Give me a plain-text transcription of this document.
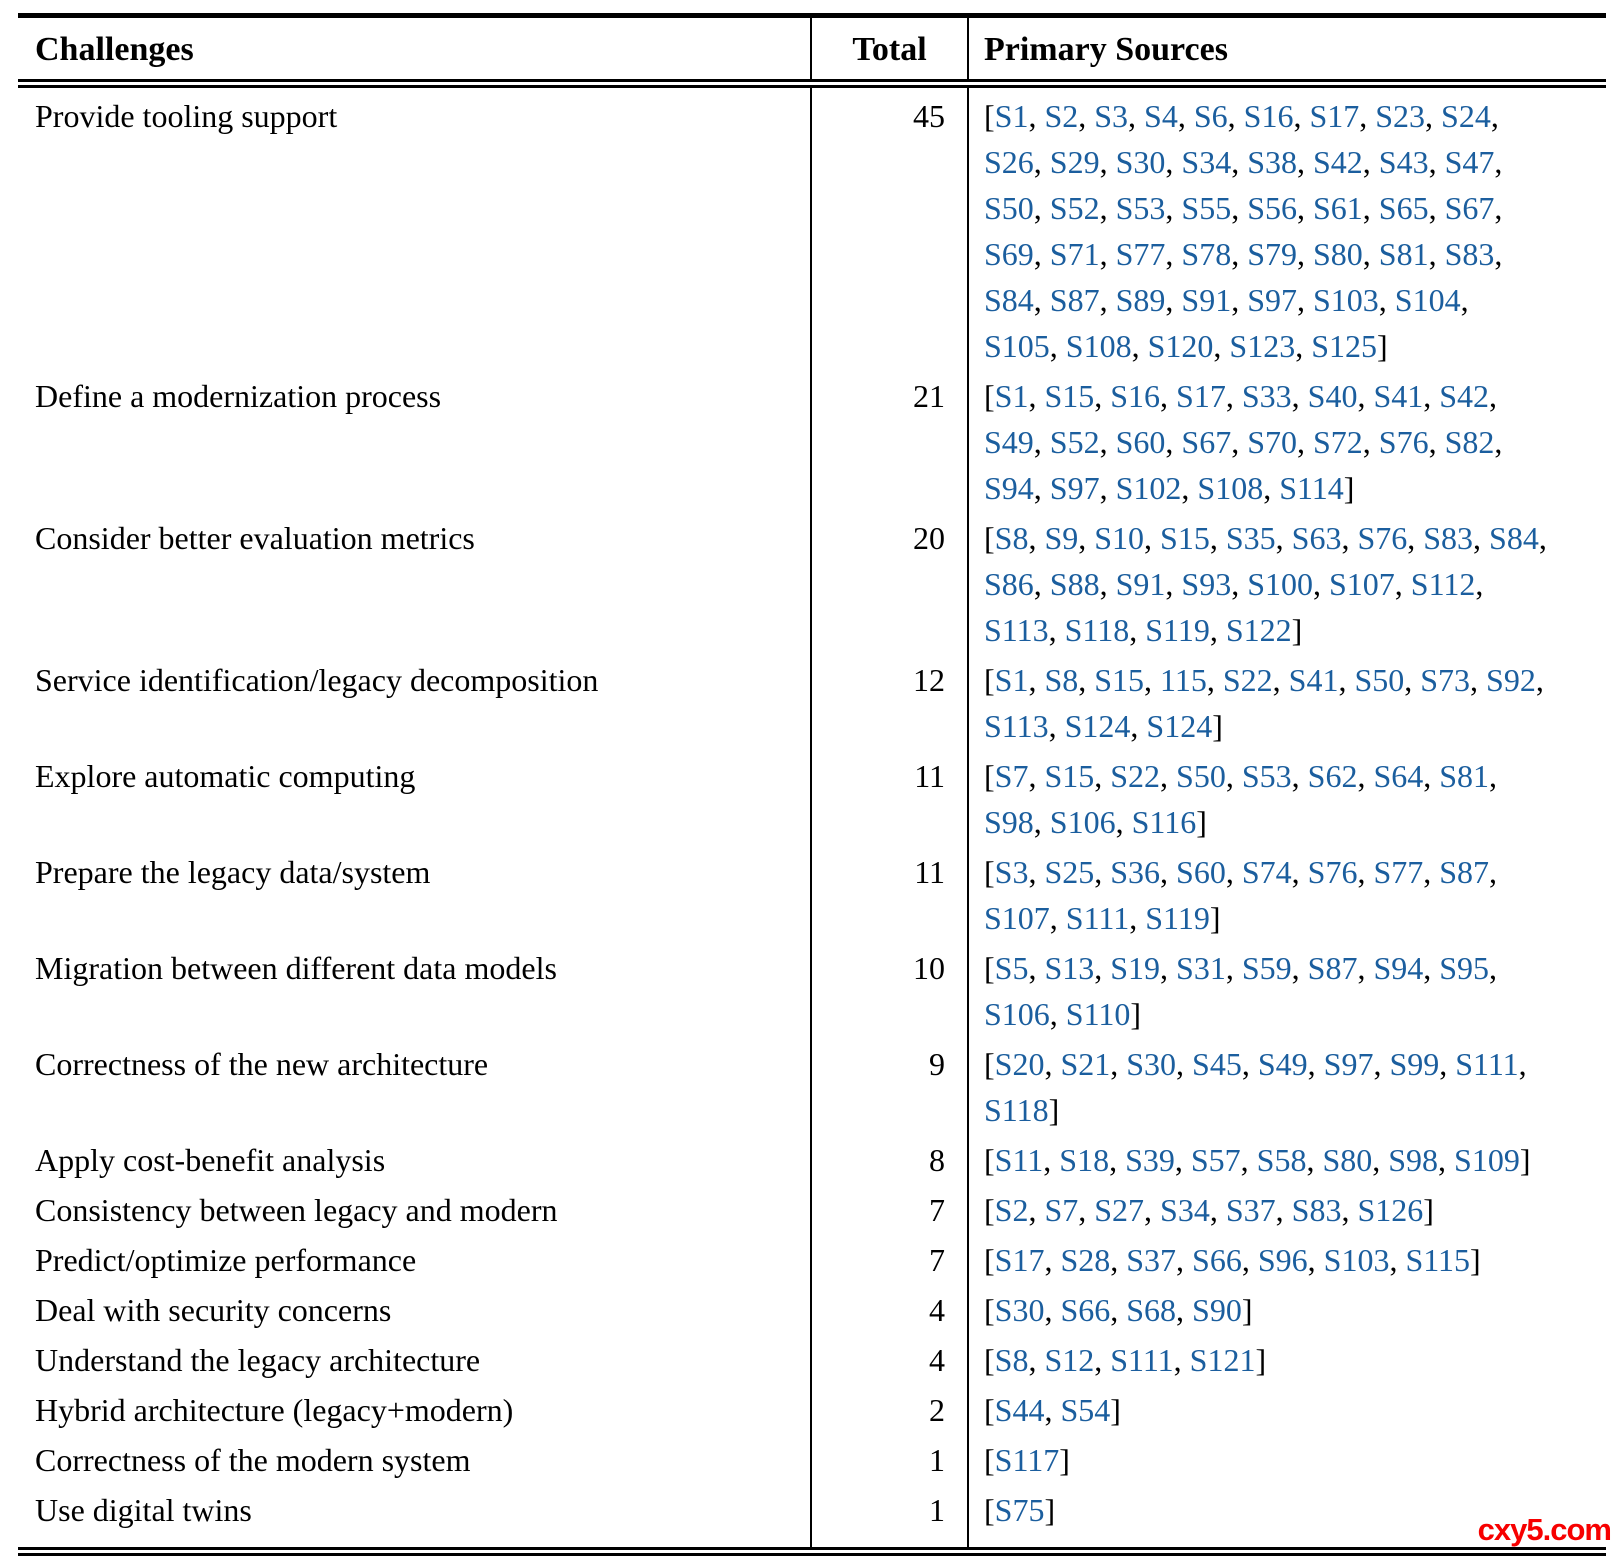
Challenges	Total	Primary Sources
Provide tooling support	45	[S1, S2, S3, S4, S6, S16, S17, S23, S24, S26, S29, S30, S34, S38, S42, S43, S47, S50, S52, S53, S55, S56, S61, S65, S67, S69, S71, S77, S78, S79, S80, S81, S83, S84, S87, S89, S91, S97, S103, S104, S105, S108, S120, S123, S125]
Define a modernization process	21	[S1, S15, S16, S17, S33, S40, S41, S42, S49, S52, S60, S67, S70, S72, S76, S82, S94, S97, S102, S108, S114]
Consider better evaluation metrics	20	[S8, S9, S10, S15, S35, S63, S76, S83, S84, S86, S88, S91, S93, S100, S107, S112, S113, S118, S119, S122]
Service identification/legacy decomposition	12	[S1, S8, S15, 115, S22, S41, S50, S73, S92, S113, S124, S124]
Explore automatic computing	11	[S7, S15, S22, S50, S53, S62, S64, S81, S98, S106, S116]
Prepare the legacy data/system	11	[S3, S25, S36, S60, S74, S76, S77, S87, S107, S111, S119]
Migration between different data models	10	[S5, S13, S19, S31, S59, S87, S94, S95, S106, S110]
Correctness of the new architecture	9	[S20, S21, S30, S45, S49, S97, S99, S111, S118]
Apply cost-benefit analysis	8	[S11, S18, S39, S57, S58, S80, S98, S109]
Consistency between legacy and modern	7	[S2, S7, S27, S34, S37, S83, S126]
Predict/optimize performance	7	[S17, S28, S37, S66, S96, S103, S115]
Deal with security concerns	4	[S30, S66, S68, S90]
Understand the legacy architecture	4	[S8, S12, S111, S121]
Hybrid architecture (legacy+modern)	2	[S44, S54]
Correctness of the modern system	1	[S117]
Use digital twins	1	[S75]
cxy5.com
